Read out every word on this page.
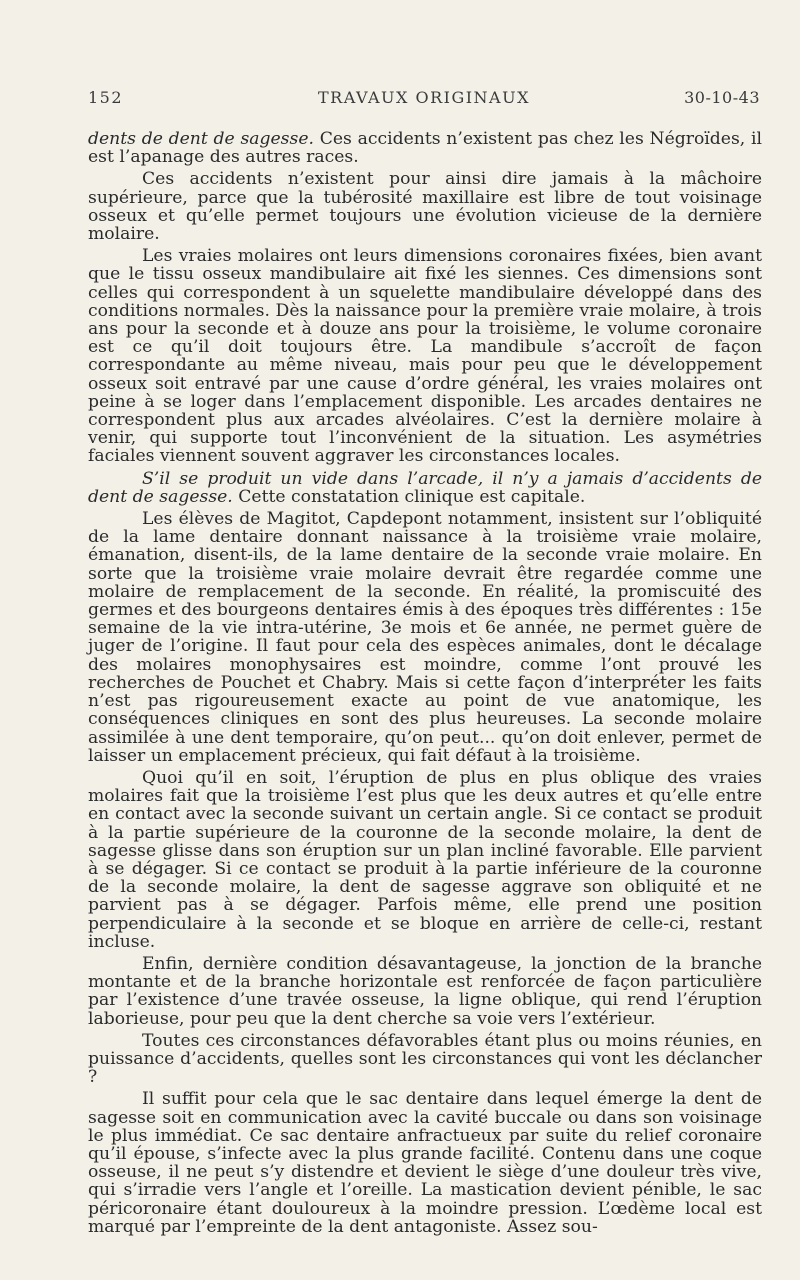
152	TRAVAUX ORIGINAUX	30-10-43

dents de dent de sagesse. Ces accidents n’existent pas chez les Négroïdes, il est l’apanage des autres races.

Ces accidents n’existent pour ainsi dire jamais à la mâchoire supérieure, parce que la tubérosité maxillaire est libre de tout voisinage osseux et qu’elle permet toujours une évolution vicieuse de la dernière molaire.

Les vraies molaires ont leurs dimensions coronaires fixées, bien avant que le tissu osseux mandibulaire ait fixé les siennes. Ces dimensions sont celles qui correspondent à un squelette mandibulaire développé dans des conditions normales. Dès la naissance pour la première vraie molaire, à trois ans pour la seconde et à douze ans pour la troisième, le volume coronaire est ce qu’il doit toujours être. La mandibule s’accroît de façon correspondante au même niveau, mais pour peu que le développement osseux soit entravé par une cause d’ordre général, les vraies molaires ont peine à se loger dans l’emplacement disponible. Les arcades dentaires ne correspondent plus aux arcades alvéolaires. C’est la dernière molaire à venir, qui supporte tout l’inconvénient de la situation. Les asymétries faciales viennent souvent aggraver les circonstances locales.

S’il se produit un vide dans l’arcade, il n’y a jamais d’accidents de dent de sagesse. Cette constatation clinique est capitale.

Les élèves de Magitot, Capdepont notamment, insistent sur l’obliquité de la lame dentaire donnant naissance à la troisième vraie molaire, émanation, disent-ils, de la lame dentaire de la seconde vraie molaire. En sorte que la troisième vraie molaire devrait être regardée comme une molaire de remplacement de la seconde. En réalité, la promiscuité des germes et des bourgeons dentaires émis à des époques très différentes : 15e semaine de la vie intra-utérine, 3e mois et 6e année, ne permet guère de juger de l’origine. Il faut pour cela des espèces animales, dont le décalage des molaires monophysaires est moindre, comme l’ont prouvé les recherches de Pouchet et Chabry. Mais si cette façon d’interpréter les faits n’est pas rigoureusement exacte au point de vue anatomique, les conséquences cliniques en sont des plus heureuses. La seconde molaire assimilée à une dent temporaire, qu’on peut... qu’on doit enlever, permet de laisser un emplacement précieux, qui fait défaut à la troisième.

Quoi qu’il en soit, l’éruption de plus en plus oblique des vraies molaires fait que la troisième l’est plus que les deux autres et qu’elle entre en contact avec la seconde suivant un certain angle. Si ce contact se produit à la partie supérieure de la couronne de la seconde molaire, la dent de sagesse glisse dans son éruption sur un plan incliné favorable. Elle parvient à se dégager. Si ce contact se produit à la partie inférieure de la couronne de la seconde molaire, la dent de sagesse aggrave son obliquité et ne parvient pas à se dégager. Parfois même, elle prend une position perpendiculaire à la seconde et se bloque en arrière de celle-ci, restant incluse.

Enfin, dernière condition désavantageuse, la jonction de la branche montante et de la branche horizontale est renforcée de façon particulière par l’existence d’une travée osseuse, la ligne oblique, qui rend l’éruption laborieuse, pour peu que la dent cherche sa voie vers l’extérieur.

Toutes ces circonstances défavorables étant plus ou moins réunies, en puissance d’accidents, quelles sont les circonstances qui vont les déclancher ?

Il suffit pour cela que le sac dentaire dans lequel émerge la dent de sagesse soit en communication avec la cavité buccale ou dans son voisinage le plus immédiat. Ce sac dentaire anfractueux par suite du relief coronaire qu’il épouse, s’infecte avec la plus grande facilité. Contenu dans une coque osseuse, il ne peut s’y distendre et devient le siège d’une douleur très vive, qui s’irradie vers l’angle et l’oreille. La mastication devient pénible, le sac péricoronaire étant douloureux à la moindre pression. L’œdème local est marqué par l’empreinte de la dent antagoniste. Assez sou-
